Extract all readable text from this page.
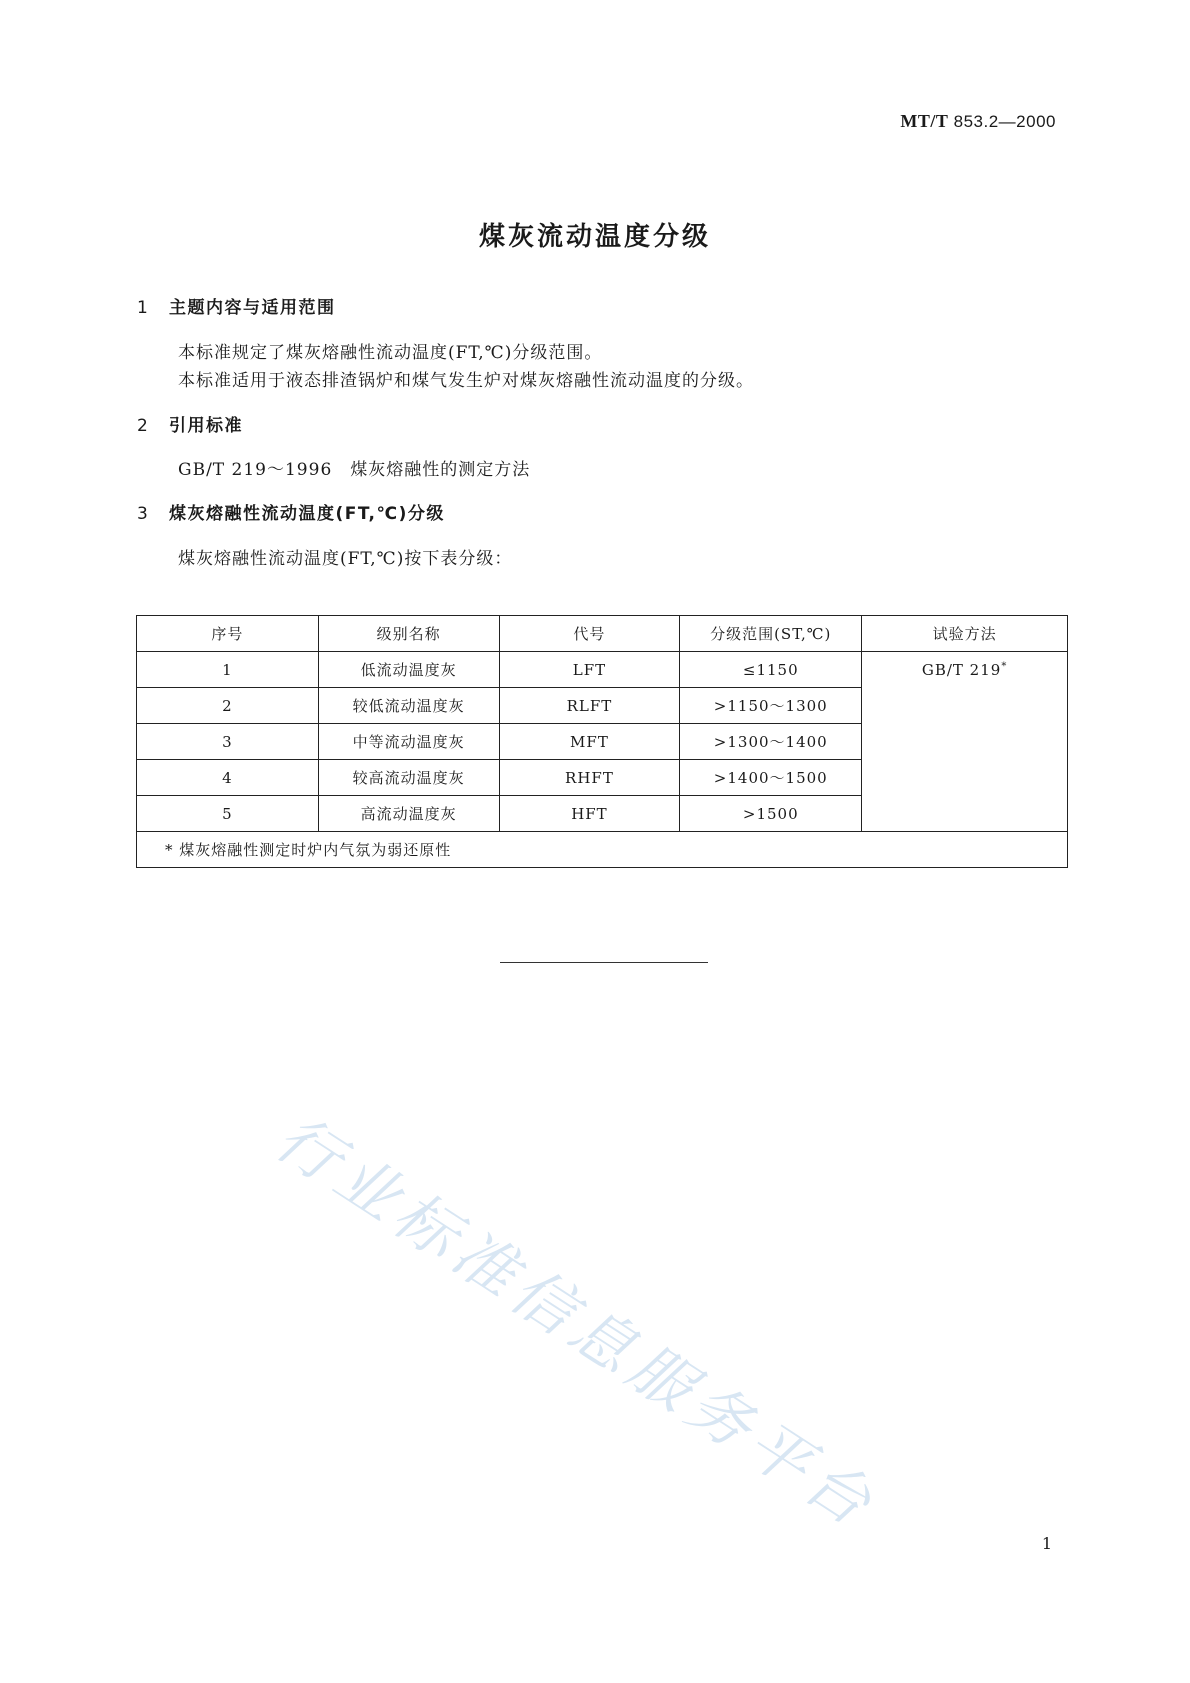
MT/T 853.2—2000
煤灰流动温度分级
1 主题内容与适用范围
本标准规定了煤灰熔融性流动温度(FT,℃)分级范围。
本标准适用于液态排渣锅炉和煤气发生炉对煤灰熔融性流动温度的分级。
2 引用标准
GB/T 219～1996　煤灰熔融性的测定方法
3 煤灰熔融性流动温度(FT,℃)分级
煤灰熔融性流动温度(FT,℃)按下表分级：
序号	级别名称	代号	分级范围(ST,℃)	试验方法
1	低流动温度灰	LFT	≤1150	GB/T 219*
2	较低流动温度灰	RLFT	>1150～1300	
3	中等流动温度灰	MFT	>1300～1400	
4	较高流动温度灰	RHFT	>1400～1500	
5	高流动温度灰	HFT	>1500	
* 煤灰熔融性测定时炉内气氛为弱还原性				
行业标准信息服务平台
1
